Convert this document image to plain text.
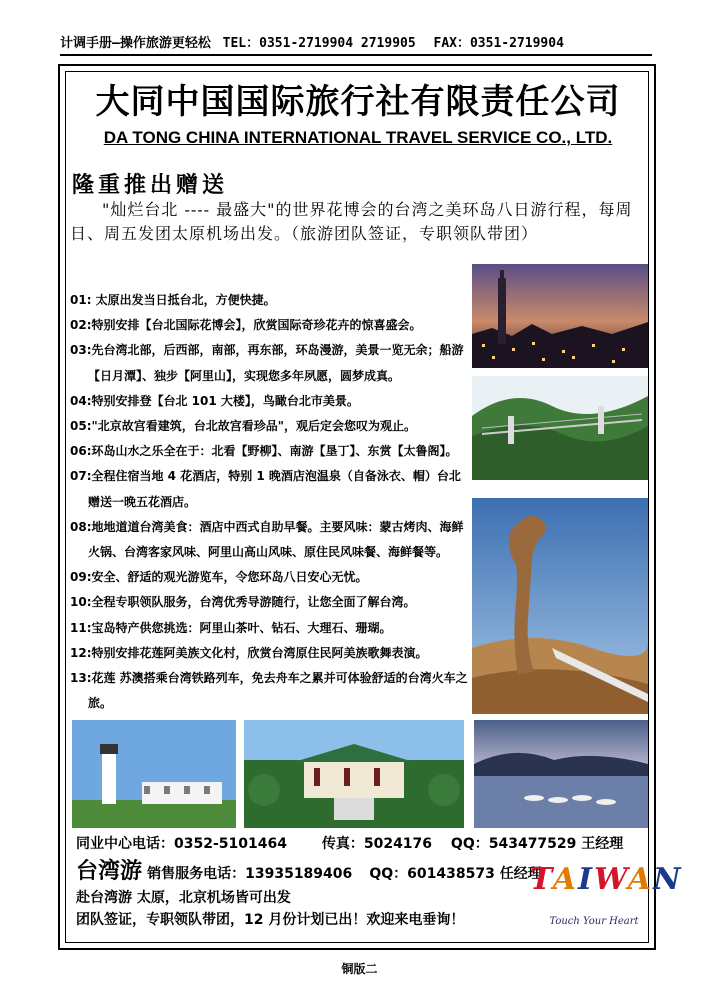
计调手册—操作旅游更轻松 TEL：0351-2719904 2719905 FAX：0351-2719904
大同中国国际旅行社有限责任公司
DA TONG CHINA INTERNATIONAL TRAVEL SERVICE CO., LTD.
隆重推出赠送
"灿烂台北 ---- 最盛大"的世界花博会的台湾之美环岛八日游行程，每周日、周五发团太原机场出发。（旅游团队签证，专职领队带团）
01: 太原出发当日抵台北，方便快捷。
02:特别安排【台北国际花博会】，欣赏国际奇珍花卉的惊喜盛会。
03:先台湾北部，后西部，南部，再东部，环岛漫游，美景一览无余；船游【日月潭】、独步【阿里山】，实现您多年夙愿，圆梦成真。
04:特别安排登【台北 101 大楼】，鸟瞰台北市美景。
05:"北京故宫看建筑，台北故宫看珍品"，观后定会您叹为观止。
06:环岛山水之乐全在于：北看【野柳】、南游【垦丁】、东赏【太鲁阁】。
07:全程住宿当地 4 花酒店，特别 1 晚酒店泡温泉（自备泳衣、帽）台北赠送一晚五花酒店。
08:地地道道台湾美食：酒店中西式自助早餐。主要风味：蒙古烤肉、海鲜火锅、台湾客家风味、阿里山高山风味、原住民风味餐、海鲜餐等。
09:安全、舒适的观光游览车，令您环岛八日安心无忧。
10:全程专职领队服务，台湾优秀导游随行，让您全面了解台湾。
11:宝岛特产供您挑选：阿里山茶叶、钻石、大理石、珊瑚。
12:特别安排花莲阿美族文化村，欣赏台湾原住民阿美族歌舞表演。
13:花莲 苏澳搭乘台湾铁路列车，免去舟车之累并可体验舒适的台湾火车之旅。
同业中心电话：0352-5101464 传真：5024176 QQ：543477529 王经理
台湾游 销售服务电话：13935189406 QQ：601438573 任经理
赴台湾游 太原，北京机场皆可出发
团队签证，专职领队带团，12 月份计划已出！欢迎来电垂询！
TAIWAN
Touch Your Heart
铜版二
